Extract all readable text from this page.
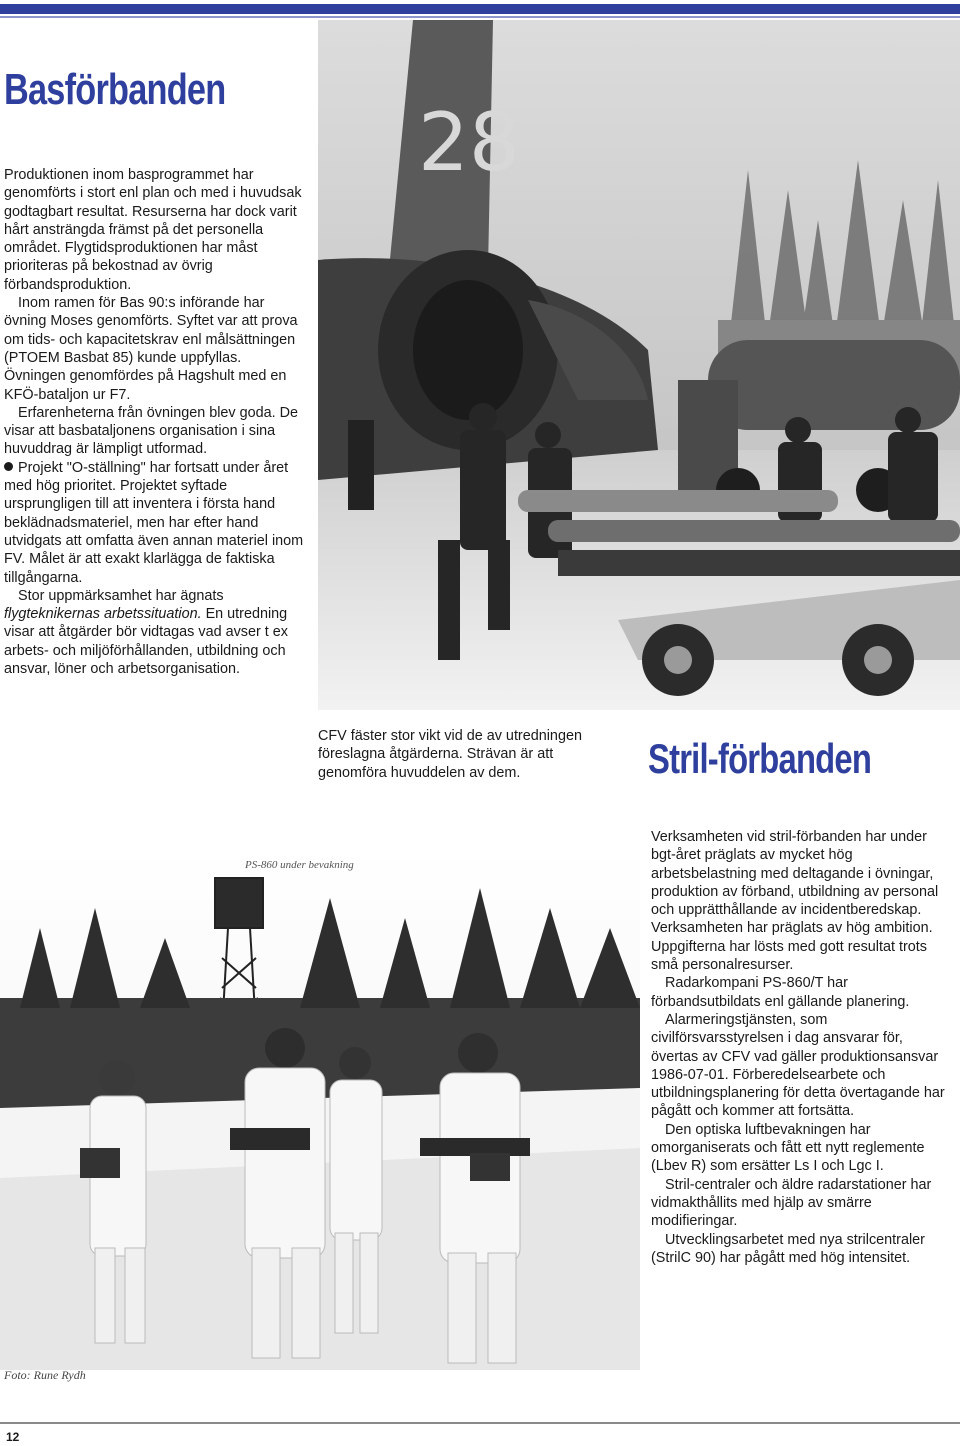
Basförbanden
28

Produktionen inom basprogrammet har genomförts i stort enl plan och med i huvudsak godtagbart resultat. Resurserna har dock varit hårt ansträngda främst på det personella området. Flygtidsproduktionen har måst prioriteras på bekostnad av övrig förbandsproduktion.

Inom ramen för Bas 90:s införande har övning Moses genomförts. Syftet var att prova om tids- och kapacitetskrav enl målsättningen (PTOEM Basbat 85) kunde uppfyllas. Övningen genomfördes på Hagshult med en KFÖ-bataljon ur F7.

Erfarenheterna från övningen blev goda. De visar att basbataljonens organisation i sina huvuddrag är lämpligt utformad.

Projekt "O-ställning" har fortsatt under året med hög prioritet. Projektet syftade ursprungligen till att inventera i första hand beklädnadsmateriel, men har efter hand utvidgats att omfatta även annan materiel inom FV. Målet är att exakt klarlägga de faktiska tillgångarna.

Stor uppmärksamhet har ägnats flygteknikernas arbetssituation. En utredning visar att åtgärder bör vidtagas vad avser t ex arbets- och miljöförhållanden, utbildning och ansvar, löner och arbetsorganisation.

CFV fäster stor vikt vid de av utredningen föreslagna åtgärderna. Strävan är att genomföra huvuddelen av dem.	Stril-förbanden
PS-860 under bevakning
Foto: Rune Rydh

Verksamheten vid stril-förbanden har under bgt-året präglats av mycket hög arbetsbelastning med deltagande i övningar, produktion av förband, utbildning av personal och upprätthållande av incidentberedskap. Verksamheten har präglats av hög ambition. Uppgifterna har lösts med gott resultat trots små personalresurser.

Radarkompani PS-860/T har förbandsutbildats enl gällande planering.

Alarmeringstjänsten, som civilförsvarsstyrelsen i dag ansvarar för, övertas av CFV vad gäller produktionsansvar 1986-07-01. Förberedelsearbete och utbildningsplanering för detta övertagande har pågått och kommer att fortsätta.

Den optiska luftbevakningen har omorganiserats och fått ett nytt reglemente (Lbev R) som ersätter Ls I och Lgc I.

Stril-centraler och äldre radarstationer har vidmakthållits med hjälp av smärre modifieringar.

Utvecklingsarbetet med nya strilcentraler (StrilC 90) har pågått med hög intensitet.

12
